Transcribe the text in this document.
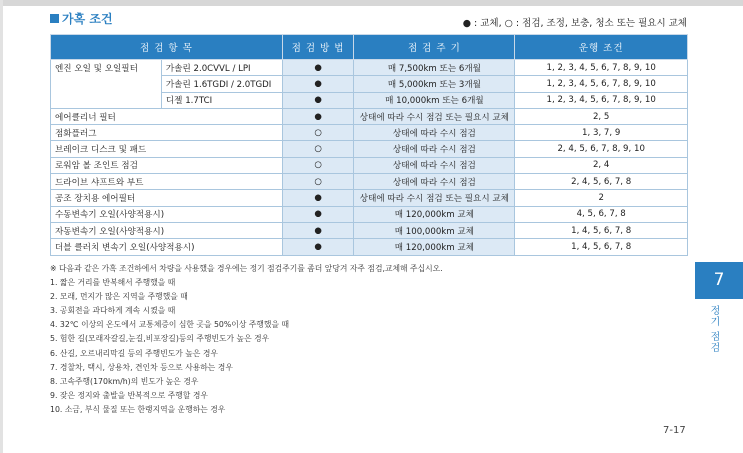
가혹 조건	● : 교체, ○ : 점검, 조정, 보충, 청소 또는 필요시 교체
점 검 항 목		점 검 방 법	점 검 주 기	운행 조건
엔진 오일 및 오일필터	가솔린 2.0CVVL / LPI	●	매 7,500km 또는 6개월	1, 2, 3, 4, 5, 6, 7, 8, 9, 10
	가솔린 1.6TGDI / 2.0TGDI	●	매 5,000km 또는 3개월	1, 2, 3, 4, 5, 6, 7, 8, 9, 10
	디젤 1.7TCI	●	매 10,000km 또는 6개월	1, 2, 3, 4, 5, 6, 7, 8, 9, 10
에어클리너 필터		●	상태에 따라 수시 점검 또는 필요시 교체	2, 5
점화플러그		○	상태에 따라 수시 점검	1, 3, 7, 9
브레이크 디스크 및 패드		○	상태에 따라 수시 점검	2, 4, 5, 6, 7, 8, 9, 10
로워암 볼 조인트 점검		○	상태에 따라 수시 점검	2, 4
드라이브 샤프트와 부트		○	상태에 따라 수시 점검	2, 4, 5, 6, 7, 8
공조 장치용 에어필터		●	상태에 따라 수시 점검 또는 필요시 교체	2
수동변속기 오일(사양적용시)		●	매 120,000km 교체	4, 5, 6, 7, 8
자동변속기 오일(사양적용시)		●	매 100,000km 교체	1, 4, 5, 6, 7, 8
더블 클러치 변속기 오일(사양적용시)		●	매 120,000km 교체	1, 4, 5, 6, 7, 8
※ 다음과 같은 가혹 조건하에서 차량을 사용했을 경우에는 정기 점검주기를 좀더 앞당겨 자주 점검,교체해 주십시오.
1. 짧은 거리를 반복해서 주행했을 때
2. 모래, 먼지가 많은 지역을 주행했을 때
3. 공회전을 과다하게 계속 시켰을 때
4. 32℃ 이상의 온도에서 교통체증이 심한 곳을 50%이상 주행했을 때
5. 험한 길(모래자갈길,눈길,비포장길)등의 주행빈도가 높은 경우
6. 산길, 오르내리막길 등의 주행빈도가 높은 경우
7. 경찰차, 택시, 상용차, 견인차 등으로 사용하는 경우
8. 고속주행(170km/h)의 빈도가 높은 경우
9. 잦은 정지와 출발을 반복적으로 주행할 경우
10. 소금, 부식 물질 또는 한랭지역을 운행하는 경우
7
정기 점검
7-17
